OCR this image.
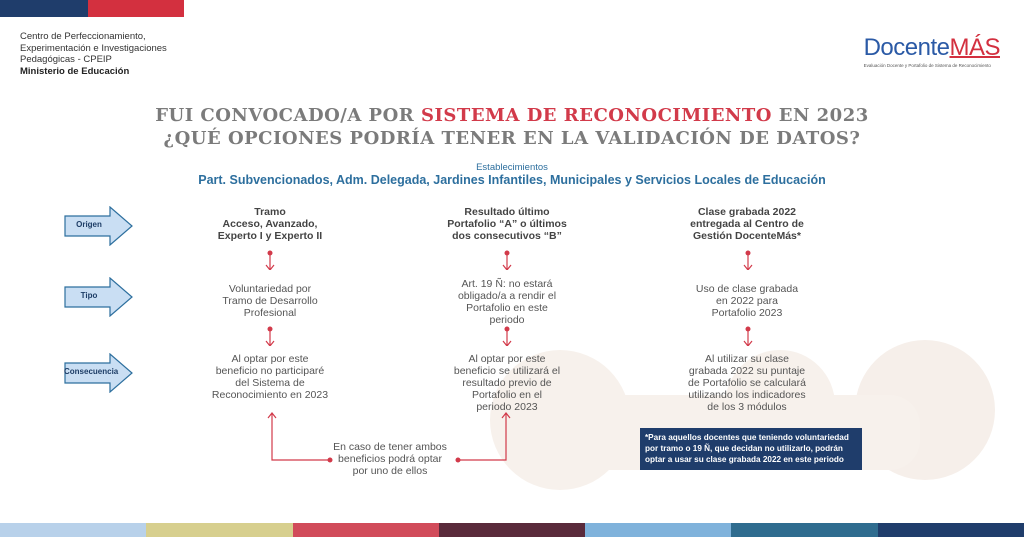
Centro de Perfeccionamiento,
Experimentación e Investigaciones
Pedagógicas - CPEIP
Ministerio de Educación
DocenteMÁS
Evaluación Docente y Portafolio de Sistema de Reconocimiento
FUI CONVOCADO/A POR SISTEMA DE RECONOCIMIENTO EN 2023
¿QUÉ OPCIONES PODRÍA TENER EN LA VALIDACIÓN DE DATOS?
Establecimientos
Part. Subvencionados, Adm. Delegada, Jardines Infantiles, Municipales y Servicios Locales de Educación
Origen
Tipo
Consecuencia
Tramo
Acceso, Avanzado,
Experto I y Experto II
Voluntariedad por
Tramo de Desarrollo
Profesional
Al optar por este
beneficio no participaré
del Sistema de
Reconocimiento en 2023
Resultado último
Portafolio “A” o últimos
dos consecutivos “B”
Art. 19 Ñ: no estará
obligado/a a rendir el
Portafolio en este
periodo
Al optar por este
beneficio se utilizará el
resultado previo de
Portafolio en el
periodo 2023
Clase grabada 2022
entregada al Centro de
Gestión DocenteMás*
Uso de clase grabada
en 2022 para
Portafolio 2023
Al utilizar su clase
grabada 2022 su puntaje
de Portafolio se calculará
utilizando los indicadores
de los 3 módulos
En caso de tener ambos
beneficios podrá optar
por uno de ellos
*Para aquellos docentes que teniendo voluntariedad por tramo o 19 Ñ, que decidan no utilizarlo, podrán optar a usar su clase grabada 2022 en este periodo
